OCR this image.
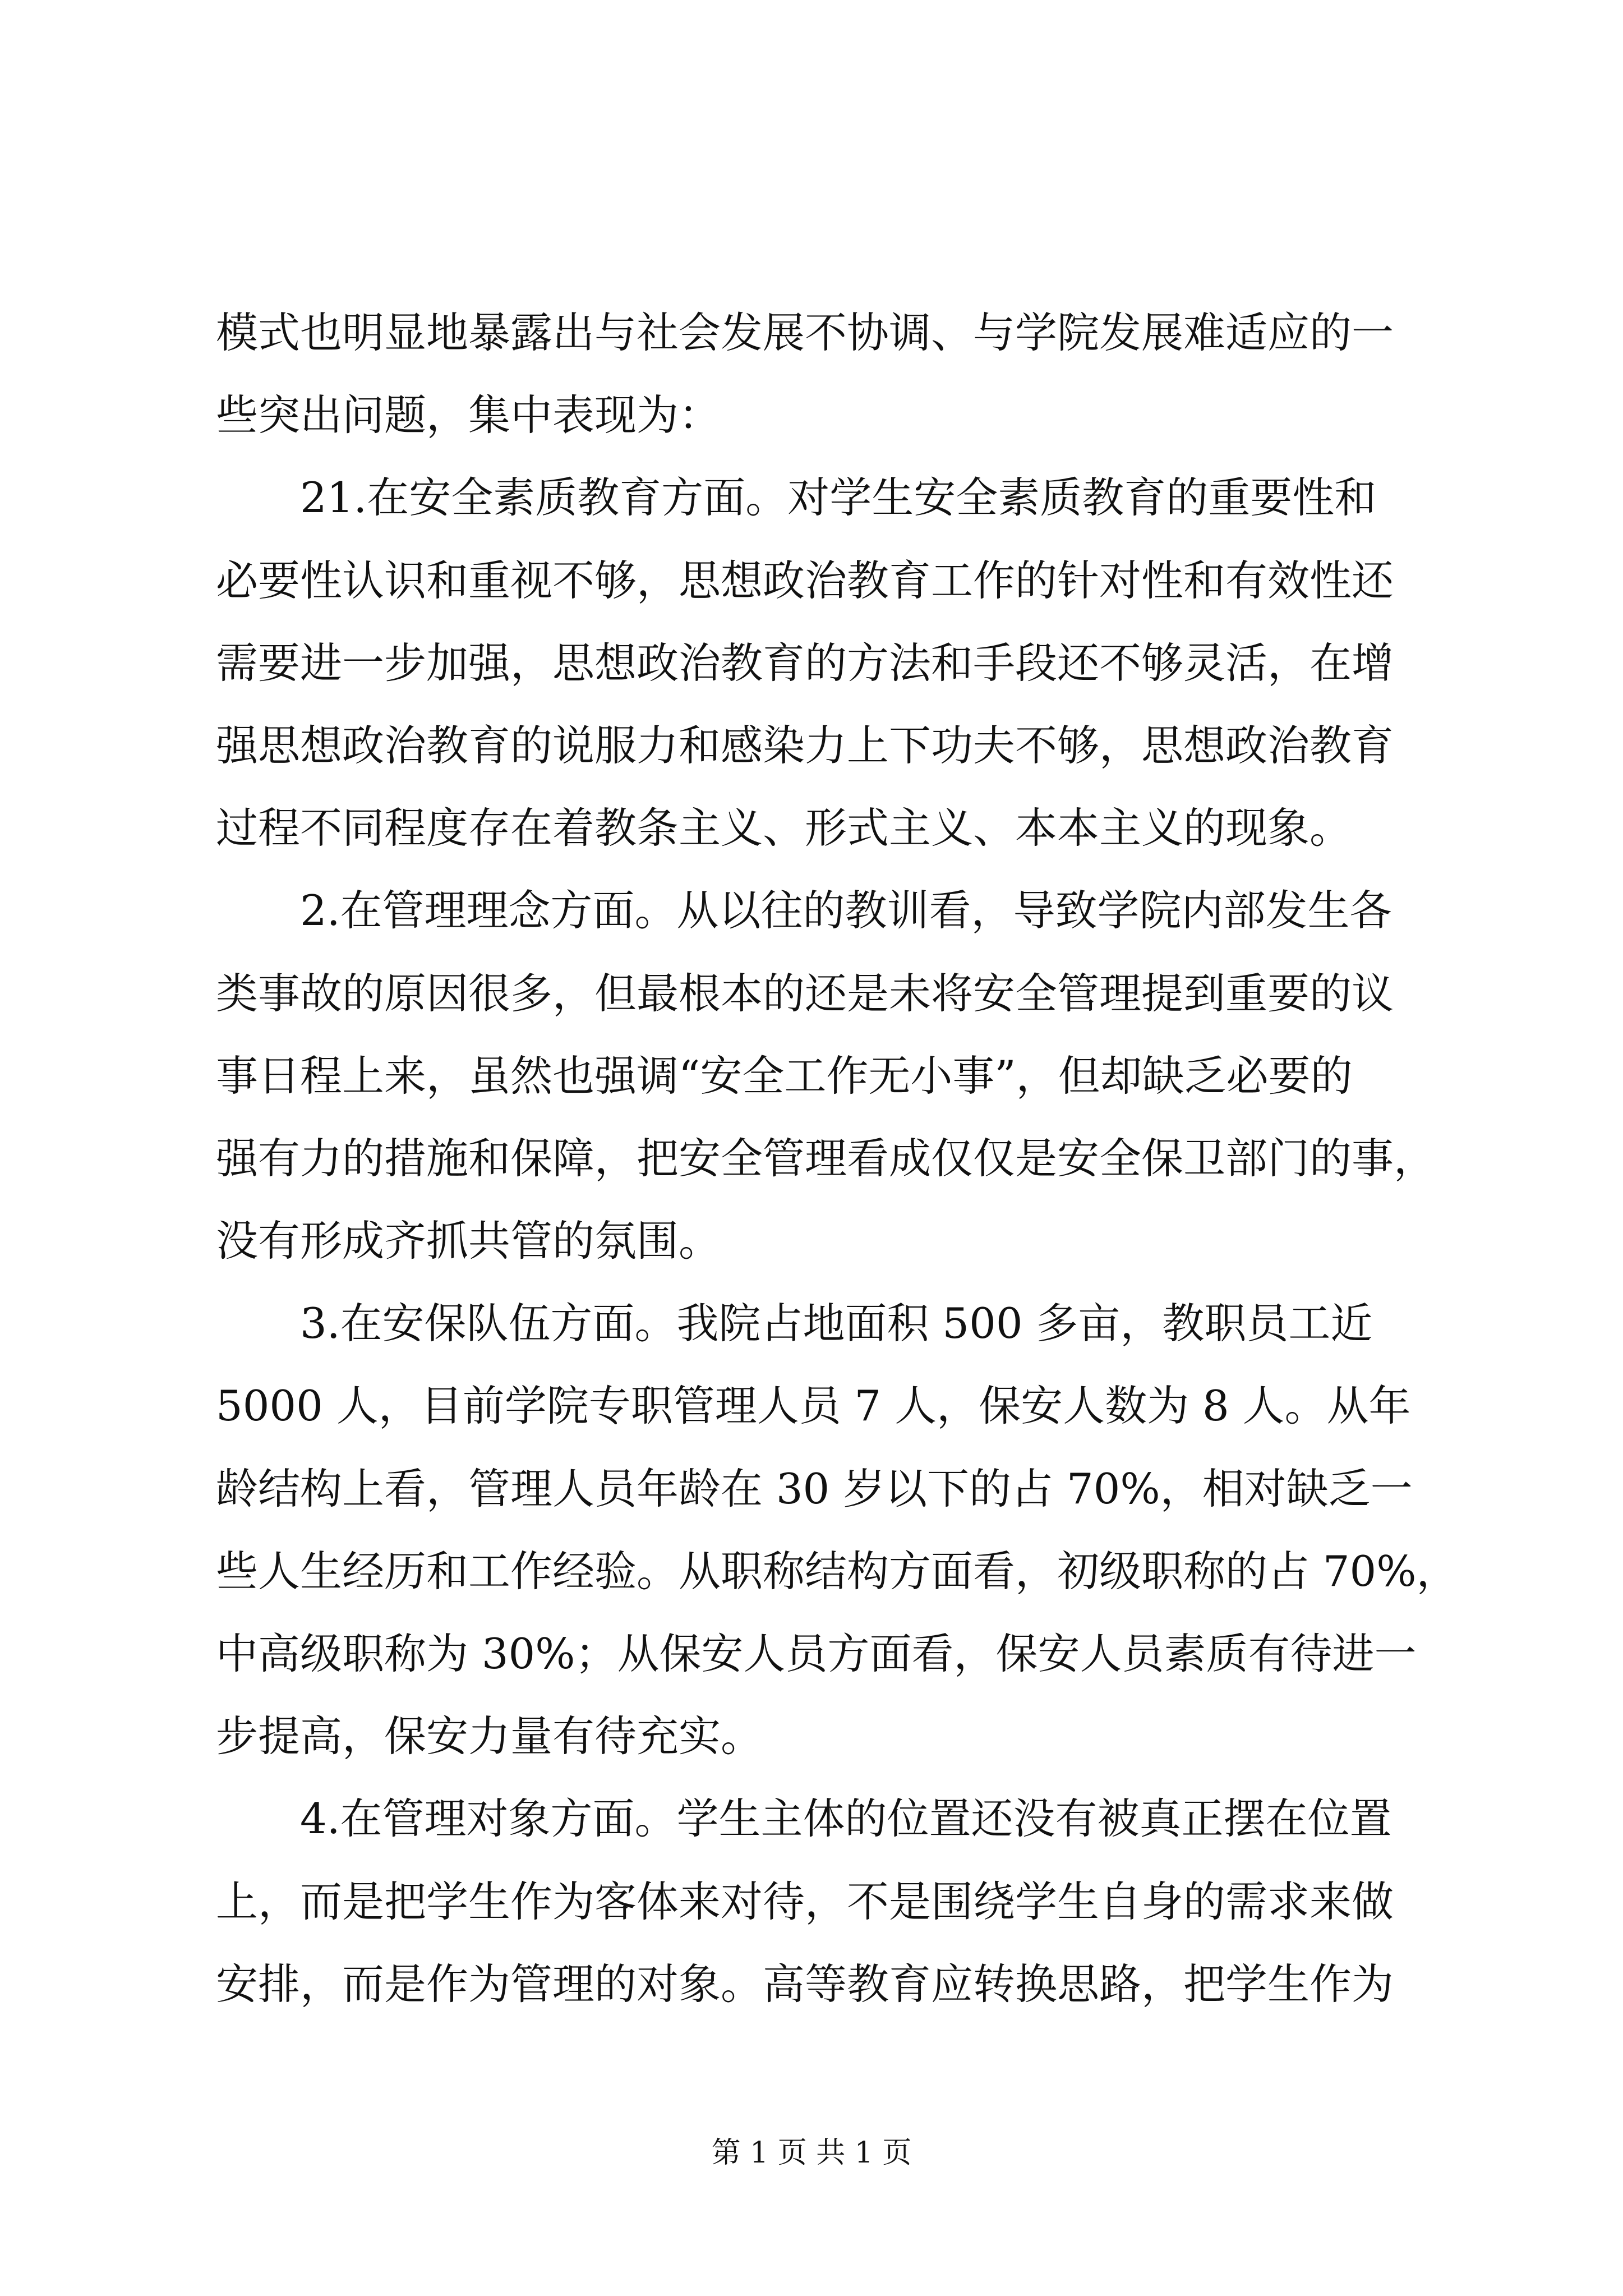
模式也明显地暴露出与社会发展不协调、与学院发展难适应的一
些突出问题，集中表现为：
21.在安全素质教育方面。对学生安全素质教育的重要性和
必要性认识和重视不够，思想政治教育工作的针对性和有效性还
需要进一步加强，思想政治教育的方法和手段还不够灵活，在增
强思想政治教育的说服力和感染力上下功夫不够，思想政治教育
过程不同程度存在着教条主义、形式主义、本本主义的现象。
2.在管理理念方面。从以往的教训看，导致学院内部发生各
类事故的原因很多，但最根本的还是未将安全管理提到重要的议
事日程上来，虽然也强调“安全工作无小事”，但却缺乏必要的
强有力的措施和保障，把安全管理看成仅仅是安全保卫部门的事，
没有形成齐抓共管的氛围。
3.在安保队伍方面。我院占地面积 500 多亩，教职员工近
5000 人，目前学院专职管理人员 7 人，保安人数为 8 人。从年
龄结构上看，管理人员年龄在 30 岁以下的占 70%，相对缺乏一
些人生经历和工作经验。从职称结构方面看，初级职称的占 70%，
中高级职称为 30%；从保安人员方面看，保安人员素质有待进一
步提高，保安力量有待充实。
4.在管理对象方面。学生主体的位置还没有被真正摆在位置
上，而是把学生作为客体来对待，不是围绕学生自身的需求来做
安排，而是作为管理的对象。高等教育应转换思路，把学生作为
第 1 页 共 1 页
